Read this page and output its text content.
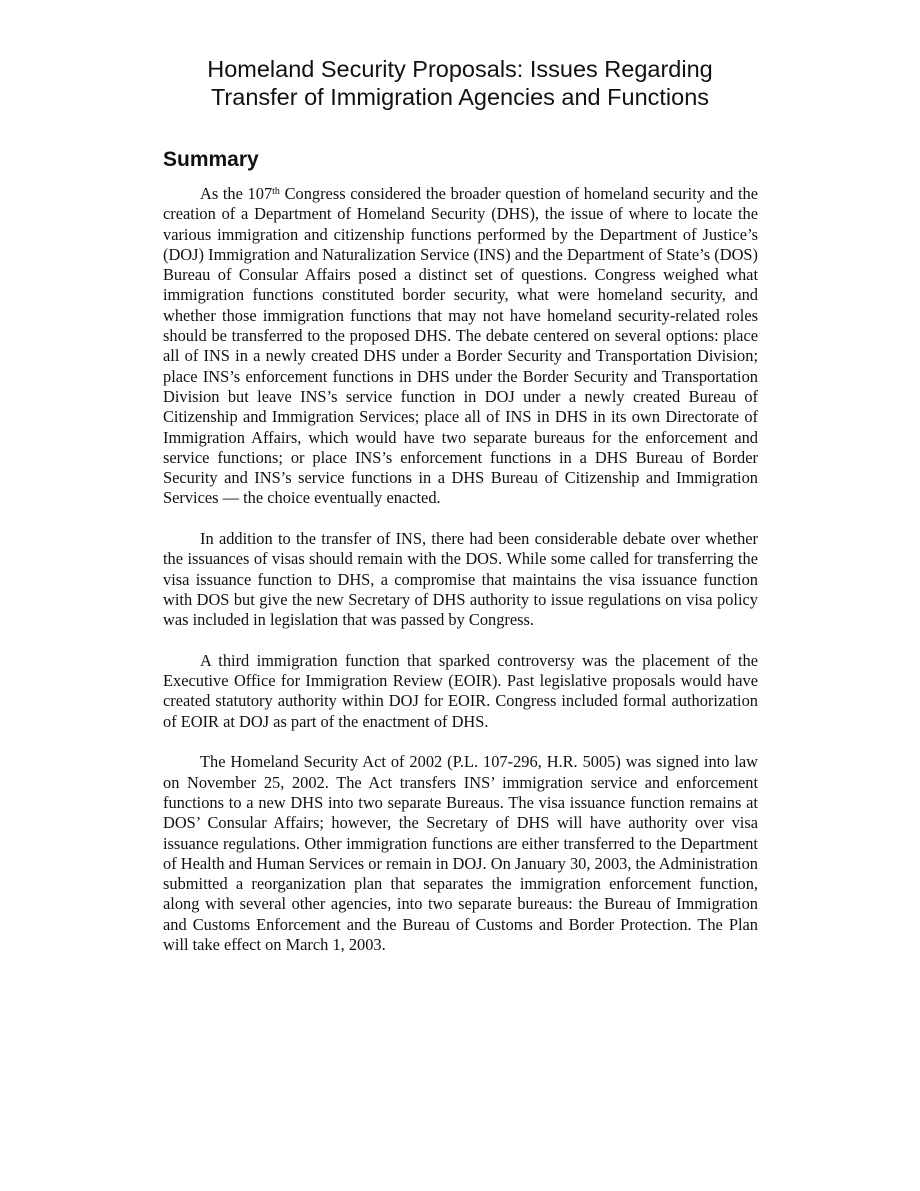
Homeland Security Proposals: Issues Regarding
Transfer of Immigration Agencies and Functions
Summary

As the 107th Congress considered the broader question of homeland security and the creation of a Department of Homeland Security (DHS), the issue of where to locate the various immigration and citizenship functions performed by the Department of Justice’s (DOJ) Immigration and Naturalization Service (INS) and the Department of State’s (DOS) Bureau of Consular Affairs posed a distinct set of questions. Congress weighed what immigration functions constituted border security, what were homeland security, and whether those immigration functions that may not have homeland security-related roles should be transferred to the proposed DHS. The debate centered on several options: place all of INS in a newly created DHS under a Border Security and Transportation Division; place INS’s enforcement functions in DHS under the Border Security and Transportation Division but leave INS’s service function in DOJ under a newly created Bureau of Citizenship and Immigration Services; place all of INS in DHS in its own Directorate of Immigration Affairs, which would have two separate bureaus for the enforcement and service functions; or place INS’s enforcement functions in a DHS Bureau of Border Security and INS’s service functions in a DHS Bureau of Citizenship and Immigration Services — the choice eventually enacted.

In addition to the transfer of INS, there had been considerable debate over whether the issuances of visas should remain with the DOS. While some called for transferring the visa issuance function to DHS, a compromise that maintains the visa issuance function with DOS but give the new Secretary of DHS authority to issue regulations on visa policy was included in legislation that was passed by Congress.

A third immigration function that sparked controversy was the placement of the Executive Office for Immigration Review (EOIR). Past legislative proposals would have created statutory authority within DOJ for EOIR. Congress included formal authorization of EOIR at DOJ as part of the enactment of DHS.

The Homeland Security Act of 2002 (P.L. 107-296, H.R. 5005) was signed into law on November 25, 2002. The Act transfers INS’ immigration service and enforcement functions to a new DHS into two separate Bureaus. The visa issuance function remains at DOS’ Consular Affairs; however, the Secretary of DHS will have authority over visa issuance regulations. Other immigration functions are either transferred to the Department of Health and Human Services or remain in DOJ. On January 30, 2003, the Administration submitted a reorganization plan that separates the immigration enforcement function, along with several other agencies, into two separate bureaus: the Bureau of Immigration and Customs Enforcement and the Bureau of Customs and Border Protection. The Plan will take effect on March 1, 2003.
